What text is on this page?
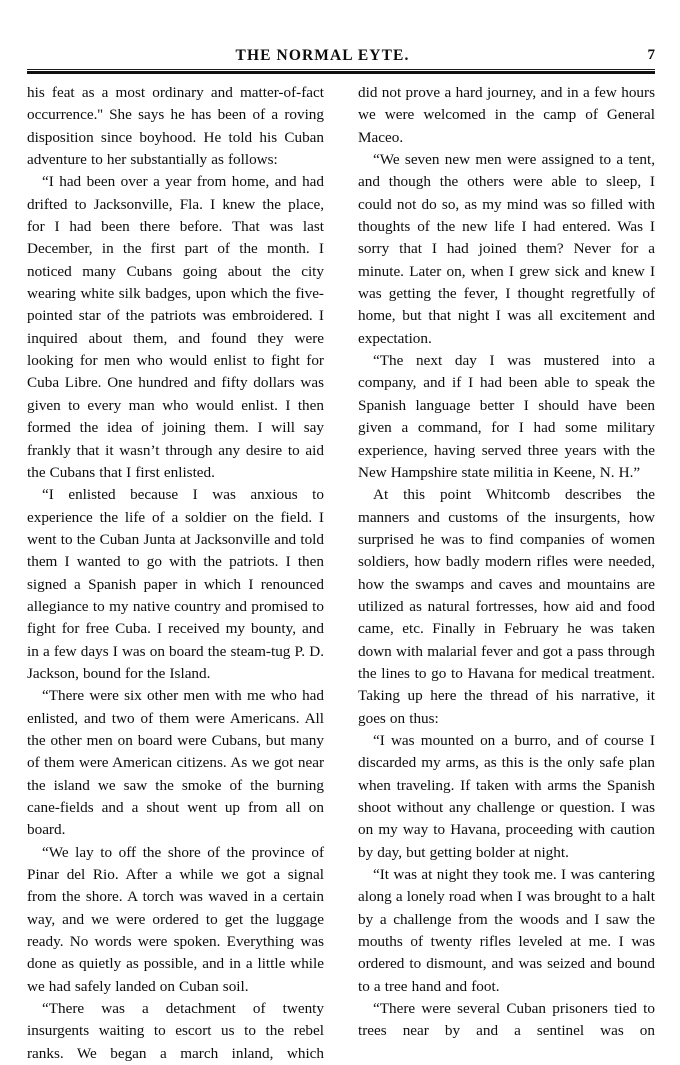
THE NORMAL EYTE.	7

his feat as a most ordinary and matter-of-fact occurrence.'' She says he has been of a roving disposition since boyhood. He told his Cuban adventure to her substantially as follows:

“I had been over a year from home, and had drifted to Jacksonville, Fla. I knew the place, for I had been there before. That was last December, in the first part of the month. I noticed many Cubans going about the city wearing white silk badges, upon which the five-pointed star of the patriots was embroidered. I inquired about them, and found they were looking for men who would enlist to fight for Cuba Libre. One hundred and fifty dollars was given to every man who would enlist. I then formed the idea of joining them. I will say frankly that it wasn’t through any desire to aid the Cubans that I first enlisted.

“I enlisted because I was anxious to experience the life of a soldier on the field. I went to the Cuban Junta at Jacksonville and told them I wanted to go with the patriots. I then signed a Spanish paper in which I renounced allegiance to my native country and promised to fight for free Cuba. I received my bounty, and in a few days I was on board the steam-tug P. D. Jackson, bound for the Island.

“There were six other men with me who had enlisted, and two of them were Americans. All the other men on board were Cubans, but many of them were American citizens. As we got near the island we saw the smoke of the burning cane-fields and a shout went up from all on board.

“We lay to off the shore of the province of Pinar del Rio. After a while we got a signal from the shore. A torch was waved in a certain way, and we were ordered to get the luggage ready. No words were spoken. Everything was done as quietly as possible, and in a little while we had safely landed on Cuban soil.

“There was a detachment of twenty insurgents waiting to escort us to the rebel ranks. We began a march inland, which

did not prove a hard journey, and in a few hours we were welcomed in the camp of General Maceo.

“We seven new men were assigned to a tent, and though the others were able to sleep, I could not do so, as my mind was so filled with thoughts of the new life I had entered. Was I sorry that I had joined them? Never for a minute. Later on, when I grew sick and knew I was getting the fever, I thought regretfully of home, but that night I was all excitement and expectation.

“The next day I was mustered into a company, and if I had been able to speak the Spanish language better I should have been given a command, for I had some military experience, having served three years with the New Hampshire state militia in Keene, N. H.”

At this point Whitcomb describes the manners and customs of the insurgents, how surprised he was to find companies of women soldiers, how badly modern rifles were needed, how the swamps and caves and mountains are utilized as natural fortresses, how aid and food came, etc. Finally in February he was taken down with malarial fever and got a pass through the lines to go to Havana for medical treatment. Taking up here the thread of his narrative, it goes on thus:

“I was mounted on a burro, and of course I discarded my arms, as this is the only safe plan when traveling. If taken with arms the Spanish shoot without any challenge or question. I was on my way to Havana, proceeding with caution by day, but getting bolder at night.

“It was at night they took me. I was cantering along a lonely road when I was brought to a halt by a challenge from the woods and I saw the mouths of twenty rifles leveled at me. I was ordered to dismount, and was seized and bound to a tree hand and foot.

“There were several Cuban prisoners tied to trees near by and a sentinel was on
